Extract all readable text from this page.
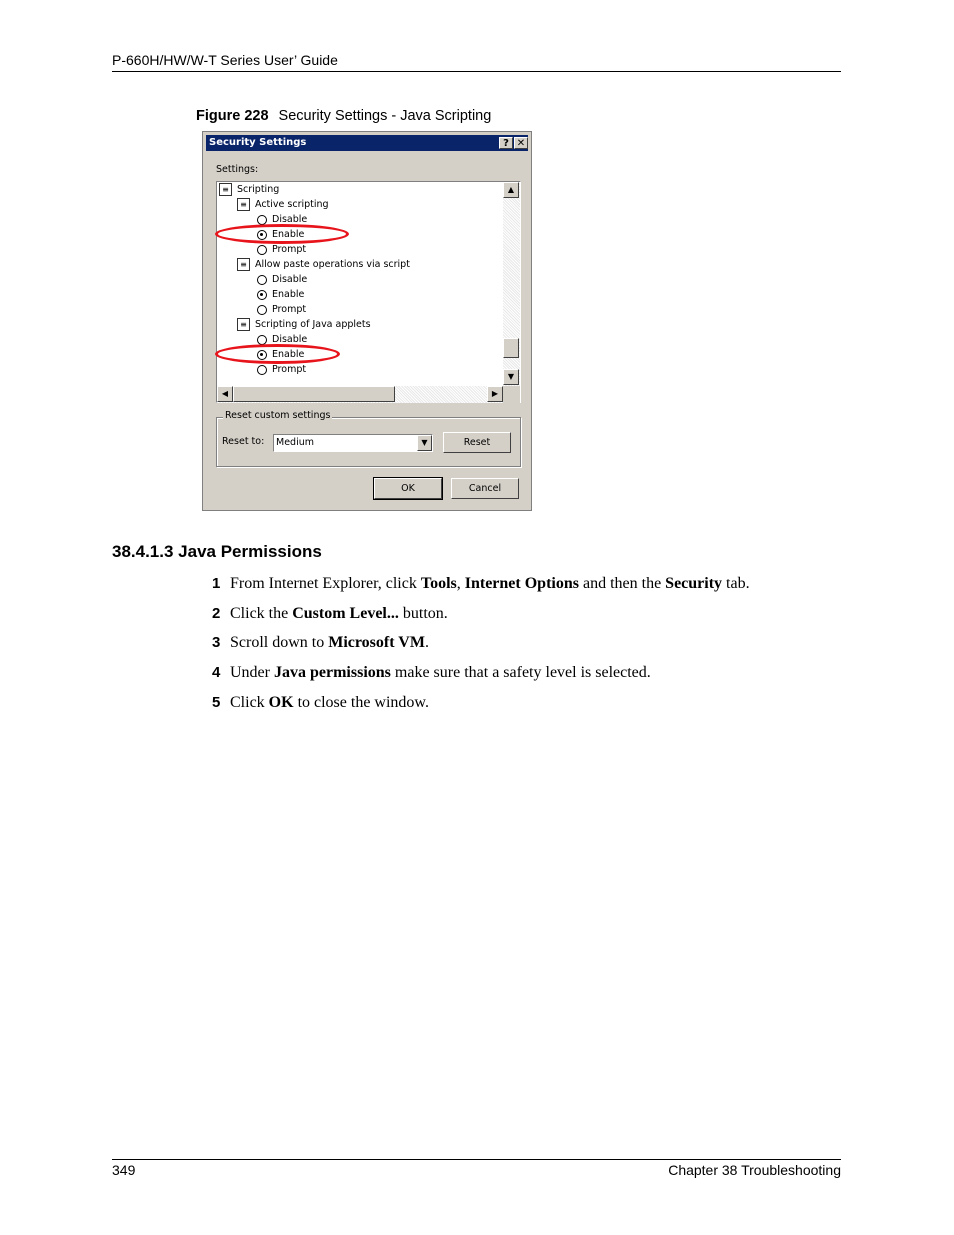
P-660H/HW/W-T Series User’ Guide
Figure 228 Security Settings - Java Scripting
Security Settings	? ✕
Settings:
≡ Scripting
≡ Active scripting
Disable
Enable
Prompt
≡ Allow paste operations via script
Disable
Enable
Prompt
≡ Scripting of Java applets
Disable
Enable
Prompt
▲
▼
◀	▶
Reset custom settings
Reset to:	Medium	▼	Reset
OK	Cancel
38.4.1.3 Java Permissions
1 From Internet Explorer, click Tools, Internet Options and then the Security tab.
2 Click the Custom Level... button.
3 Scroll down to Microsoft VM.
4 Under Java permissions make sure that a safety level is selected.
5 Click OK to close the window.
349	Chapter 38 Troubleshooting
